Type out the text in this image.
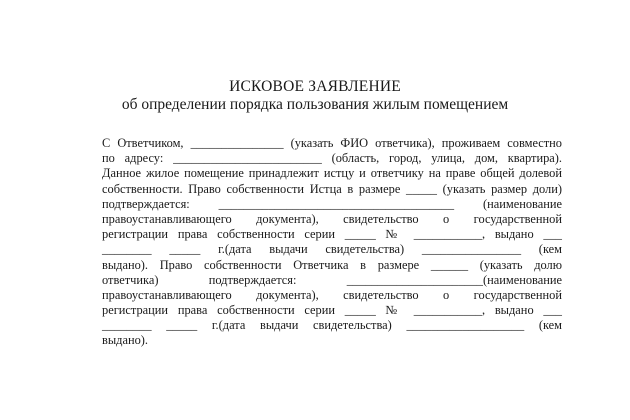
ИСКОВОЕ ЗАЯВЛЕНИЕ
об определении порядка пользования жилым помещением
С Ответчиком, _______________ (указать ФИО ответчика), проживаем совместно
по адресу: ________________________ (область, город, улица, дом, квартира).
Данное жилое помещение принадлежит истцу и ответчику на праве общей долевой
собственности. Право собственности Истца в размере _____ (указать размер доли)
подтверждается: ______________________________________ (наименование
правоустанавливающего документа), свидетельство о государственной
регистрации права собственности серии _____ № ___________, выдано ___
________ _____ г.(дата выдачи свидетельства) ________________ (кем
выдано). Право собственности Ответчика в размере ______ (указать долю
ответчика) подтверждается: ______________________(наименование
правоустанавливающего документа), свидетельство о государственной
регистрации права собственности серии _____ № ___________, выдано ___
________ _____ г.(дата выдачи свидетельства) ___________________ (кем
выдано).
